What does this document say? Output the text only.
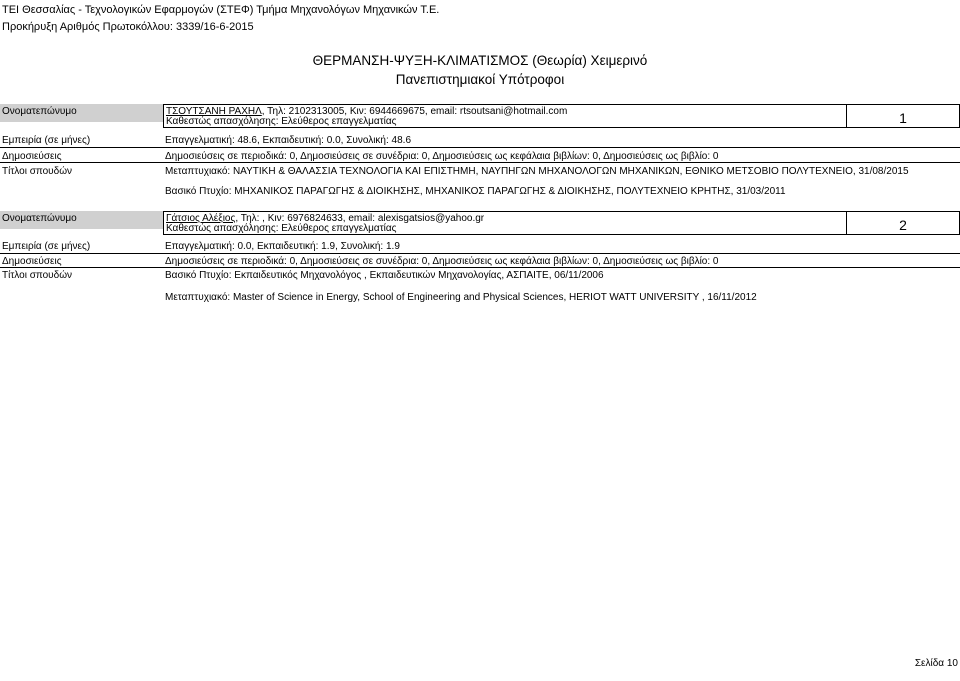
ΤΕΙ Θεσσαλίας - Τεχνολογικών Εφαρμογών (ΣΤΕΦ) Τμήμα Μηχανολόγων Μηχανικών Τ.Ε.
Προκήρυξη Αριθμός Πρωτοκόλλου: 3339/16-6-2015
ΘΕΡΜΑΝΣΗ-ΨΥΞΗ-ΚΛΙΜΑΤΙΣΜΟΣ (Θεωρία) Χειμερινό
Πανεπιστημιακοί Υπότροφοι
Ονοματεπώνυμο	ΤΣΟΥΤΣΑΝΗ ΡΑΧΗΛ, Τηλ: 2102313005, Κιν: 6944669675, email: rtsoutsani@hotmail.com
Καθεστώς απασχόλησης: Ελεύθερος επαγγελματίας	1
Εμπειρία (σε μήνες)	Επαγγελματική: 48.6, Εκπαιδευτική: 0.0, Συνολική: 48.6
Δημοσιεύσεις	Δημοσιεύσεις σε περιοδικά: 0, Δημοσιεύσεις σε συνέδρια: 0, Δημοσιεύσεις ως κεφάλαια βιβλίων: 0, Δημοσιεύσεις ως βιβλίο: 0
Τίτλοι σπουδών	Μεταπτυχιακό: ΝΑΥΤΙΚΗ & ΘΑΛΑΣΣΙΑ ΤΕΧΝΟΛΟΓΙΑ ΚΑΙ ΕΠΙΣΤΗΜΗ, ΝΑΥΠΗΓΩΝ ΜΗΧΑΝΟΛΟΓΩΝ ΜΗΧΑΝΙΚΩΝ, ΕΘΝΙΚΟ ΜΕΤΣΟΒΙΟ ΠΟΛΥΤΕΧΝΕΙΟ, 31/08/2015
Βασικό Πτυχίο: ΜΗΧΑΝΙΚΟΣ ΠΑΡΑΓΩΓΗΣ & ΔΙΟΙΚΗΣΗΣ, ΜΗΧΑΝΙΚΟΣ ΠΑΡΑΓΩΓΗΣ & ΔΙΟΙΚΗΣΗΣ, ΠΟΛΥΤΕΧΝΕΙΟ ΚΡΗΤΗΣ, 31/03/2011
Ονοματεπώνυμο	Γάτσιος Αλέξιος, Τηλ: , Κιν: 6976824633, email: alexisgatsios@yahoo.gr
Καθεστώς απασχόλησης: Ελεύθερος επαγγελματίας	2
Εμπειρία (σε μήνες)	Επαγγελματική: 0.0, Εκπαιδευτική: 1.9, Συνολική: 1.9
Δημοσιεύσεις	Δημοσιεύσεις σε περιοδικά: 0, Δημοσιεύσεις σε συνέδρια: 0, Δημοσιεύσεις ως κεφάλαια βιβλίων: 0, Δημοσιεύσεις ως βιβλίο: 0
Τίτλοι σπουδών	Βασικό Πτυχίο: Εκπαιδευτικός Μηχανολόγος , Εκπαιδευτικών Μηχανολογίας, ΑΣΠΑΙΤΕ, 06/11/2006
Μεταπτυχιακό: Master of Science in Energy, School of Engineering and Physical Sciences, HERIOT WATT UNIVERSITY , 16/11/2012
Σελίδα 10
